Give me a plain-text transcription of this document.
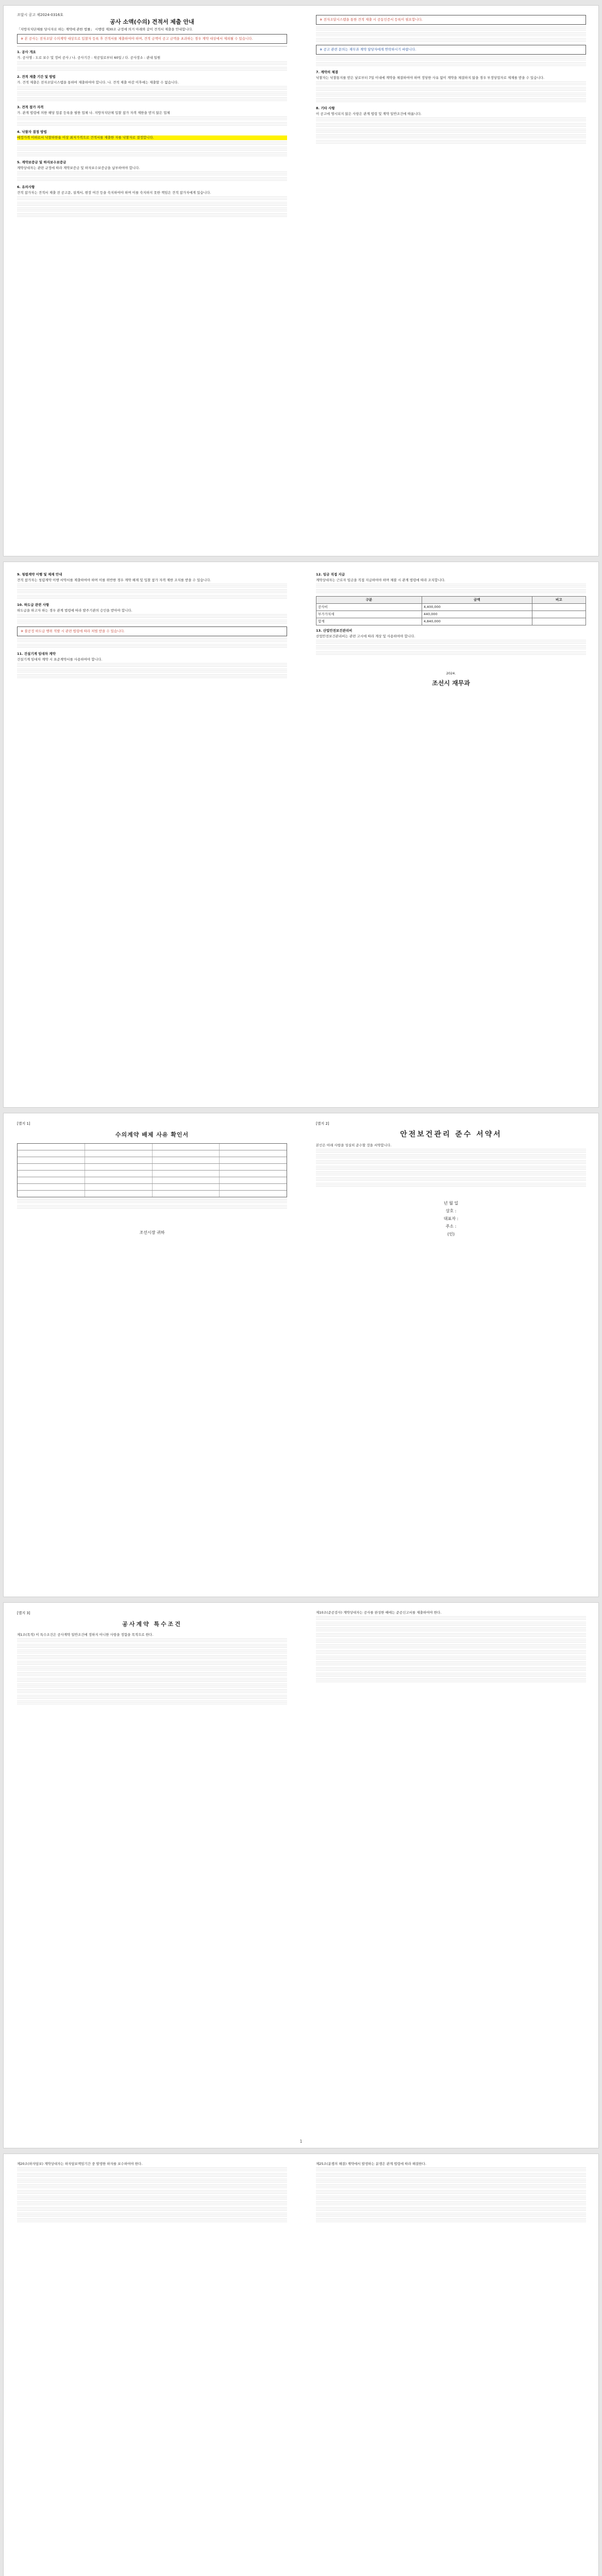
조달시 공고 제2024-0316호
공사 소액(수의) 견적서 제출 안내
「지방자치단체를 당사자로 하는 계약에 관한 법률」 시행령 제30조 규정에 의거 아래와 같이 견적서 제출을 안내합니다.
※ 본 공사는 전자조달 수의계약 대상으로 입찰자 등록 후 견적서를 제출하여야 하며, 견적 금액이 공고 금액을 초과하는 경우 계약 대상에서 제외될 수 있습니다.
1. 공사 개요
가. 공사명 : 도로 보수 및 정비 공사 / 나. 공사기간 : 착공일로부터 60일 / 다. 공사장소 : 관내 일원
2. 견적 제출 기간 및 방법
가. 견적 제출은 전자조달시스템을 통하여 제출하여야 합니다. 나. 견적 제출 마감 이후에는 제출할 수 없습니다.
3. 견적 참가 자격
가. 관계 법령에 의한 해당 업종 등록을 필한 업체 나. 지방자치단체 입찰 참가 자격 제한을 받지 않은 업체
4. 낙찰자 결정 방법
예정가격 이하로서 낙찰하한율 이상 최저가격으로 견적서를 제출한 자를 낙찰자로 결정합니다.
5. 계약보증금 및 하자보수보증금
계약상대자는 관련 규정에 따라 계약보증금 및 하자보수보증금을 납부하여야 합니다.
6. 유의사항
견적 참가자는 견적서 제출 전 공고문, 설계서, 현장 여건 등을 숙지하여야 하며 이를 숙지하지 못한 책임은 견적 참가자에게 있습니다.
※ 전자조달시스템을 통한 견적 제출 시 공동인증서 등록이 필요합니다.
※ 공고 관련 문의는 재무과 계약 담당자에게 연락하시기 바랍니다.
7. 계약의 체결
낙찰자는 낙찰통지를 받은 날로부터 7일 이내에 계약을 체결하여야 하며 정당한 사유 없이 계약을 체결하지 않을 경우 부정당업자로 제재를 받을 수 있습니다.
8. 기타 사항
이 공고에 명시되지 않은 사항은 관계 법령 및 계약 일반조건에 따릅니다.
9. 청렴계약 이행 및 제재 안내
견적 참가자는 청렴계약 이행 서약서를 제출하여야 하며 이를 위반한 경우 계약 해제 및 입찰 참가 자격 제한 조치를 받을 수 있습니다.
10. 하도급 관련 사항
하도급을 하고자 하는 경우 관계 법령에 따라 발주기관의 승인을 받아야 합니다.
※ 불공정 하도급 행위 적발 시 관련 법령에 따라 처벌 받을 수 있습니다.
11. 건설기계 임대차 계약
건설기계 임대차 계약 시 표준계약서를 사용하여야 합니다.
12. 임금 직접 지급
계약상대자는 근로자 임금을 직접 지급하여야 하며 체불 시 관계 법령에 따라 조치합니다.
구분	금액	비고
공사비	4,400,000	
부가가치세	440,000	
합계	4,840,000	
13. 산업안전보건관리비
산업안전보건관리비는 관련 고시에 따라 계상 및 사용하여야 합니다.
2024.
조선시 재무과
[별지 1]
수의계약 배제 사유 확인서
조선시장 귀하
[별지 2]
안전보건관리 준수 서약서
본인은 아래 사항을 성실히 준수할 것을 서약합니다.
년 월 일
상호 :
대표자 :
주소 :
(인)
[별지 3]
공사계약 특수조건
제1조(목적) 이 특수조건은 공사계약 일반조건에 정하지 아니한 사항을 정함을 목적으로 한다.
제10조(준공검사) 계약상대자는 공사를 완성한 때에는 준공신고서를 제출하여야 한다.
1
제20조(하자담보) 계약상대자는 하자담보책임기간 중 발생한 하자를 보수하여야 한다.	제25조(분쟁의 해결) 계약에서 발생하는 분쟁은 관계 법령에 따라 해결한다.
